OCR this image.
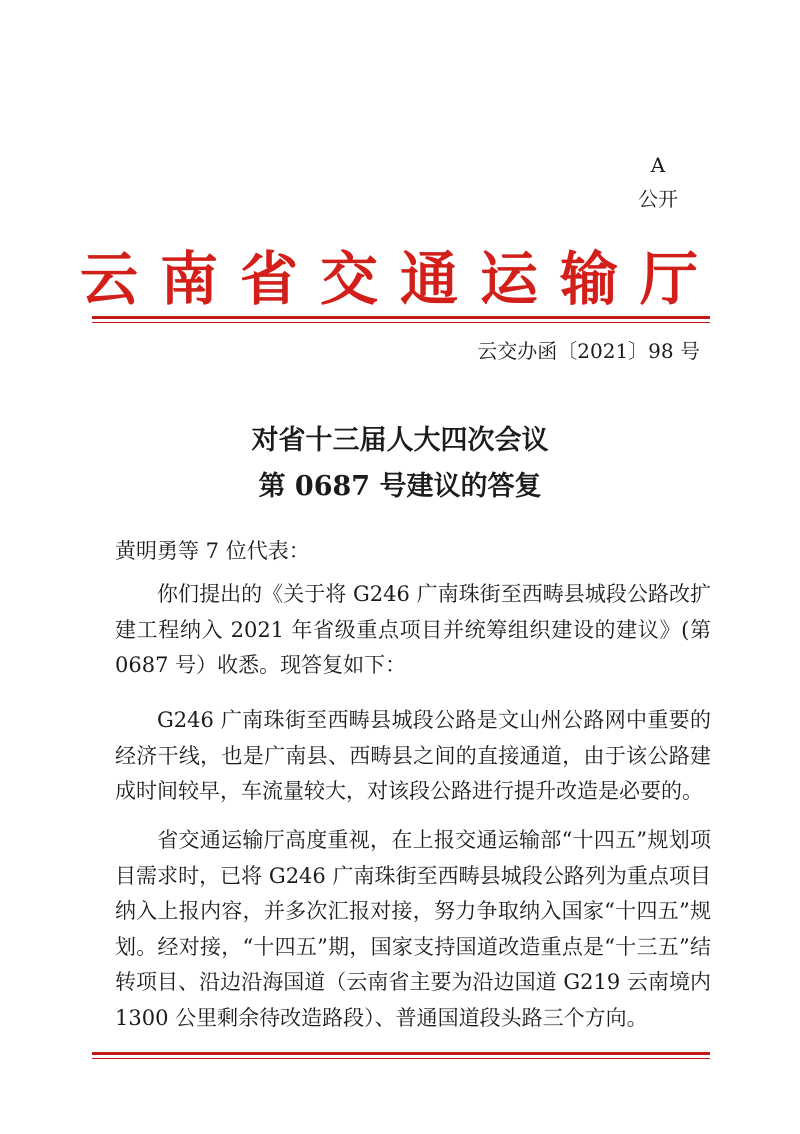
A
公开
云南省交通运输厅
云交办函〔2021〕98 号
对省十三届人大四次会议
第 0687 号建议的答复
黄明勇等 7 位代表：
你们提出的《关于将 G246 广南珠街至西畴县城段公路改扩建工程纳入 2021 年省级重点项目并统筹组织建设的建议》(第 0687 号）收悉。现答复如下：
G246 广南珠街至西畴县城段公路是文山州公路网中重要的经济干线，也是广南县、西畴县之间的直接通道，由于该公路建成时间较早，车流量较大，对该段公路进行提升改造是必要的。
省交通运输厅高度重视，在上报交通运输部“十四五”规划项目需求时，已将 G246 广南珠街至西畴县城段公路列为重点项目纳入上报内容，并多次汇报对接，努力争取纳入国家“十四五”规划。经对接，“十四五”期，国家支持国道改造重点是“十三五”结转项目、沿边沿海国道（云南省主要为沿边国道 G219 云南境内 1300 公里剩余待改造路段）、普通国道段头路三个方向。
